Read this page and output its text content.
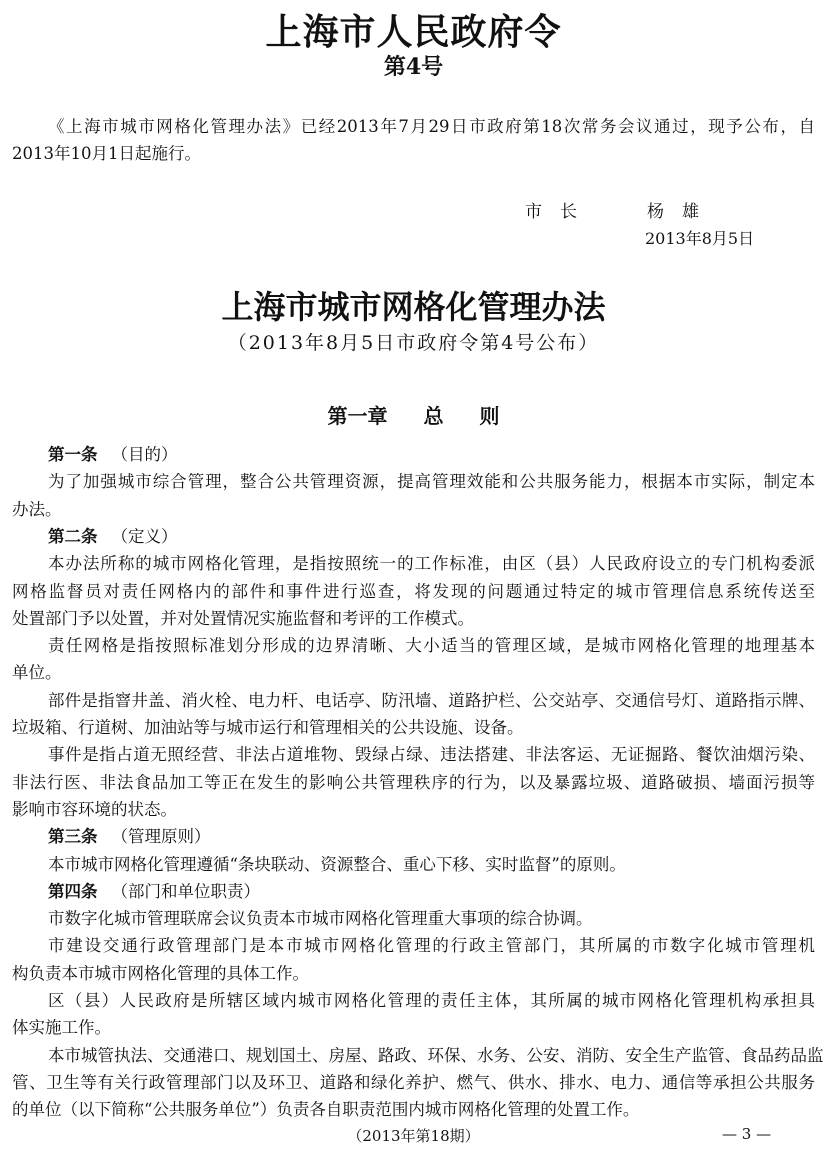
上海市人民政府令
第4号
《上海市城市网格化管理办法》已经2013年7月29日市政府第18次常务会议通过，现予公布，自
2013年10月1日起施行。
市 长	杨 雄
2013年8月5日
上海市城市网格化管理办法
（2013年8月5日市政府令第4号公布）
第一章 总 则
第一条 （目的）
为了加强城市综合管理，整合公共管理资源，提高管理效能和公共服务能力，根据本市实际，制定本
办法。
第二条 （定义）
本办法所称的城市网格化管理，是指按照统一的工作标准，由区（县）人民政府设立的专门机构委派
网格监督员对责任网格内的部件和事件进行巡查，将发现的问题通过特定的城市管理信息系统传送至
处置部门予以处置，并对处置情况实施监督和考评的工作模式。
责任网格是指按照标准划分形成的边界清晰、大小适当的管理区域，是城市网格化管理的地理基本
单位。
部件是指窨井盖、消火栓、电力杆、电话亭、防汛墙、道路护栏、公交站亭、交通信号灯、道路指示牌、
垃圾箱、行道树、加油站等与城市运行和管理相关的公共设施、设备。
事件是指占道无照经营、非法占道堆物、毁绿占绿、违法搭建、非法客运、无证掘路、餐饮油烟污染、
非法行医、非法食品加工等正在发生的影响公共管理秩序的行为，以及暴露垃圾、道路破损、墙面污损等
影响市容环境的状态。
第三条 （管理原则）
本市城市网格化管理遵循“条块联动、资源整合、重心下移、实时监督”的原则。
第四条 （部门和单位职责）
市数字化城市管理联席会议负责本市城市网格化管理重大事项的综合协调。
市建设交通行政管理部门是本市城市网格化管理的行政主管部门，其所属的市数字化城市管理机
构负责本市城市网格化管理的具体工作。
区（县）人民政府是所辖区域内城市网格化管理的责任主体，其所属的城市网格化管理机构承担具
体实施工作。
本市城管执法、交通港口、规划国土、房屋、路政、环保、水务、公安、消防、安全生产监管、食品药品监
管、卫生等有关行政管理部门以及环卫、道路和绿化养护、燃气、供水、排水、电力、通信等承担公共服务
的单位（以下简称“公共服务单位”）负责各自职责范围内城市网格化管理的处置工作。
（2013年第18期）	— 3 —
